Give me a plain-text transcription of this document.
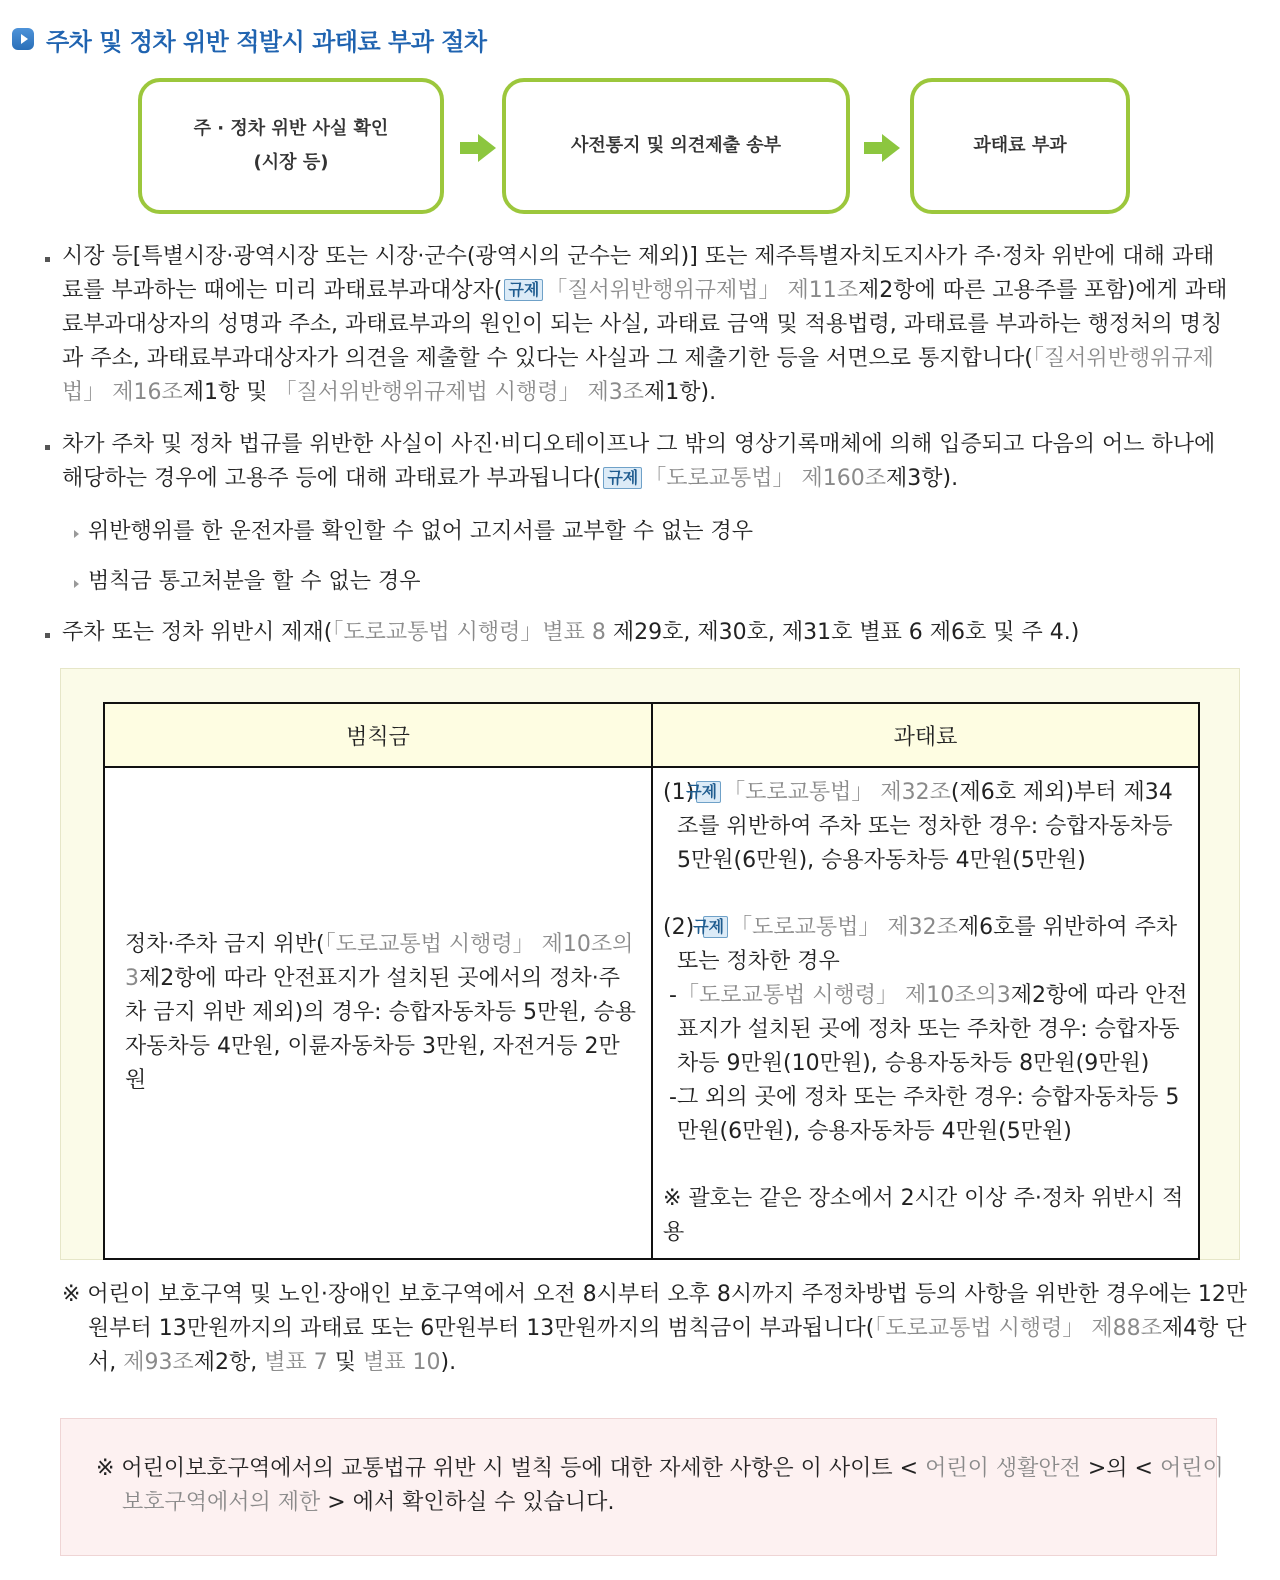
주차 및 정차 위반 적발시 과태료 부과 절차
주 · 정차 위반 사실 확인
(시장 등)
사전통지 및 의견제출 송부	과태료 부과
시장 등[특별시장·광역시장 또는 시장·군수(광역시의 군수는 제외)] 또는 제주특별자치도지사가 주·정차 위반에 대해 과태료를 부과하는 때에는 미리 과태료부과대상자( 규제 「질서위반행위규제법」 제11조제2항에 따른 고용주를 포함)에게 과태료부과대상자의 성명과 주소, 과태료부과의 원인이 되는 사실, 과태료 금액 및 적용법령, 과태료를 부과하는 행정처의 명칭과 주소, 과태료부과대상자가 의견을 제출할 수 있다는 사실과 그 제출기한 등을 서면으로 통지합니다(「질서위반행위규제법」 제16조제1항 및 「질서위반행위규제법 시행령」 제3조제1항).
차가 주차 및 정차 법규를 위반한 사실이 사진·비디오테이프나 그 밖의 영상기록매체에 의해 입증되고 다음의 어느 하나에 해당하는 경우에 고용주 등에 대해 과태료가 부과됩니다( 규제 「도로교통법」 제160조제3항).
위반행위를 한 운전자를 확인할 수 없어 고지서를 교부할 수 없는 경우
범칙금 통고처분을 할 수 없는 경우
주차 또는 정차 위반시 제재(「도로교통법 시행령」별표 8 제29호, 제30호, 제31호 별표 6 제6호 및 주 4.)
범칙금	과태료
정차·주차 금지 위반(「도로교통법 시행령」 제10조의3제2항에 따라 안전표지가 설치된 곳에서의 정차·주차 금지 위반 제외)의 경우: 승합자동차등 5만원, 승용자동차등 4만원, 이륜자동차등 3만원, 자전거등 2만원	(1)규제 「도로교통법」 제32조(제6호 제외)부터 제34조를 위반하여 주차 또는 정차한 경우: 승합자동차등 5만원(6만원), 승용자동차등 4만원(5만원)
(2) 규제 「도로교통법」 제32조제6호를 위반하여 주차 또는 정차한 경우
-「도로교통법 시행령」 제10조의3제2항에 따라 안전표지가 설치된 곳에 정차 또는 주차한 경우: 승합자동차등 9만원(10만원), 승용자동차등 8만원(9만원)
-그 외의 곳에 정차 또는 주차한 경우: 승합자동차등 5만원(6만원), 승용자동차등 4만원(5만원)
※ 괄호는 같은 장소에서 2시간 이상 주·정차 위반시 적용
※ 어린이 보호구역 및 노인·장애인 보호구역에서 오전 8시부터 오후 8시까지 주정차방법 등의 사항을 위반한 경우에는 12만원부터 13만원까지의 과태료 또는 6만원부터 13만원까지의 범칙금이 부과됩니다(「도로교통법 시행령」 제88조제4항 단서, 제93조제2항, 별표 7 및 별표 10).
※ 어린이보호구역에서의 교통법규 위반 시 벌칙 등에 대한 자세한 사항은 이 사이트 < 어린이 생활안전 >의 < 어린이 보호구역에서의 제한 > 에서 확인하실 수 있습니다.
